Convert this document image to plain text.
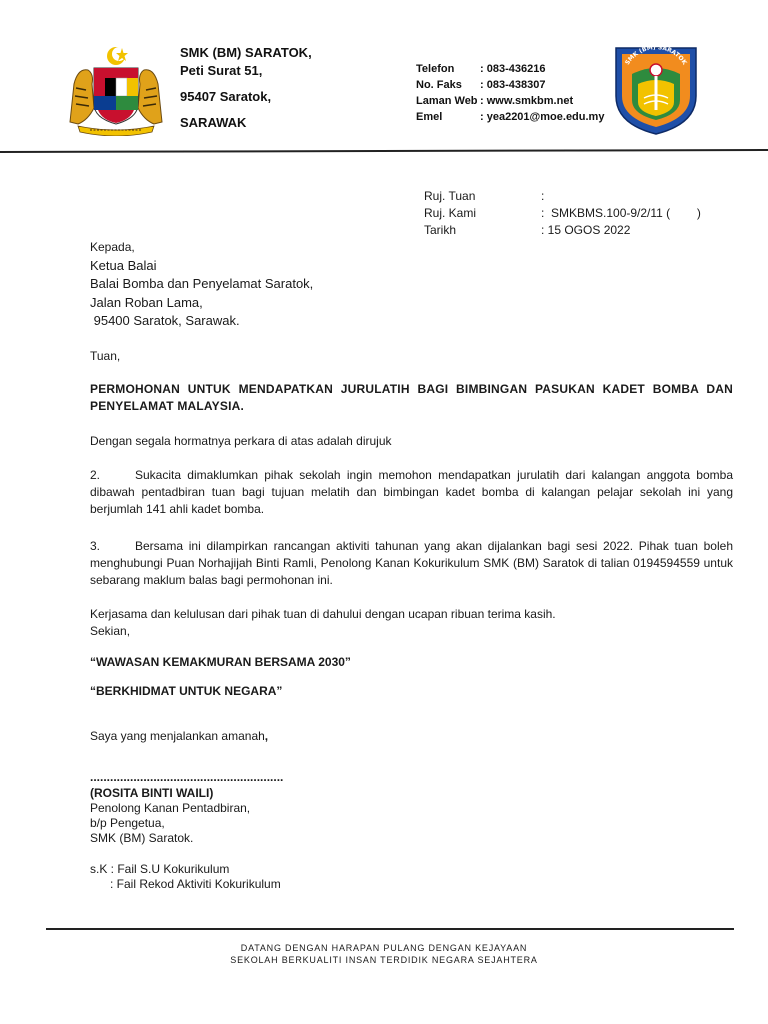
SMK (BM) SARATOK,
Peti Surat 51,
95407 Saratok,
SARAWAK
Telefon : 083-436216
No. Faks : 083-438307
Laman Web : www.smkbm.net
Emel	: yea2201@moe.edu.my
SMK (BM) SARATOK
Ruj. Tuan	:
Ruj. Kami	:  SMKBMS.100-9/2/11 (        )
Tarikh	: 15 OGOS 2022
Kepada,
Ketua Balai
Balai Bomba dan Penyelamat Saratok,
Jalan Roban Lama,
95400 Saratok, Sarawak.
Tuan,
PERMOHONAN UNTUK MENDAPATKAN JURULATIH BAGI BIMBINGAN PASUKAN KADET BOMBA DAN PENYELAMAT MALAYSIA.
Dengan segala hormatnya perkara di atas adalah dirujuk
2.	Sukacita dimaklumkan pihak sekolah ingin memohon mendapatkan jurulatih dari kalangan anggota bomba dibawah pentadbiran tuan bagi tujuan melatih dan bimbingan kadet bomba di kalangan pelajar sekolah ini yang berjumlah 141 ahli kadet bomba.
3.	Bersama ini dilampirkan rancangan aktiviti tahunan yang akan dijalankan bagi sesi 2022. Pihak tuan boleh menghubungi Puan Norhajijah Binti Ramli, Penolong Kanan Kokurikulum SMK (BM) Saratok di talian 0194594559 untuk sebarang maklum balas bagi permohonan ini.
Kerjasama dan kelulusan dari pihak tuan di dahului dengan ucapan ribuan terima kasih.
Sekian,
“WAWASAN KEMAKMURAN BERSAMA 2030”
“BERKHIDMAT UNTUK NEGARA”
Saya yang menjalankan amanah,
..........................................................
(ROSITA BINTI WAILI)
Penolong Kanan Pentadbiran,
b/p Pengetua,
SMK (BM) Saratok.
s.K : Fail S.U Kokurikulum
: Fail Rekod Aktiviti Kokurikulum
DATANG DENGAN HARAPAN PULANG DENGAN KEJAYAAN
SEKOLAH BERKUALITI INSAN TERDIDIK NEGARA SEJAHTERA
